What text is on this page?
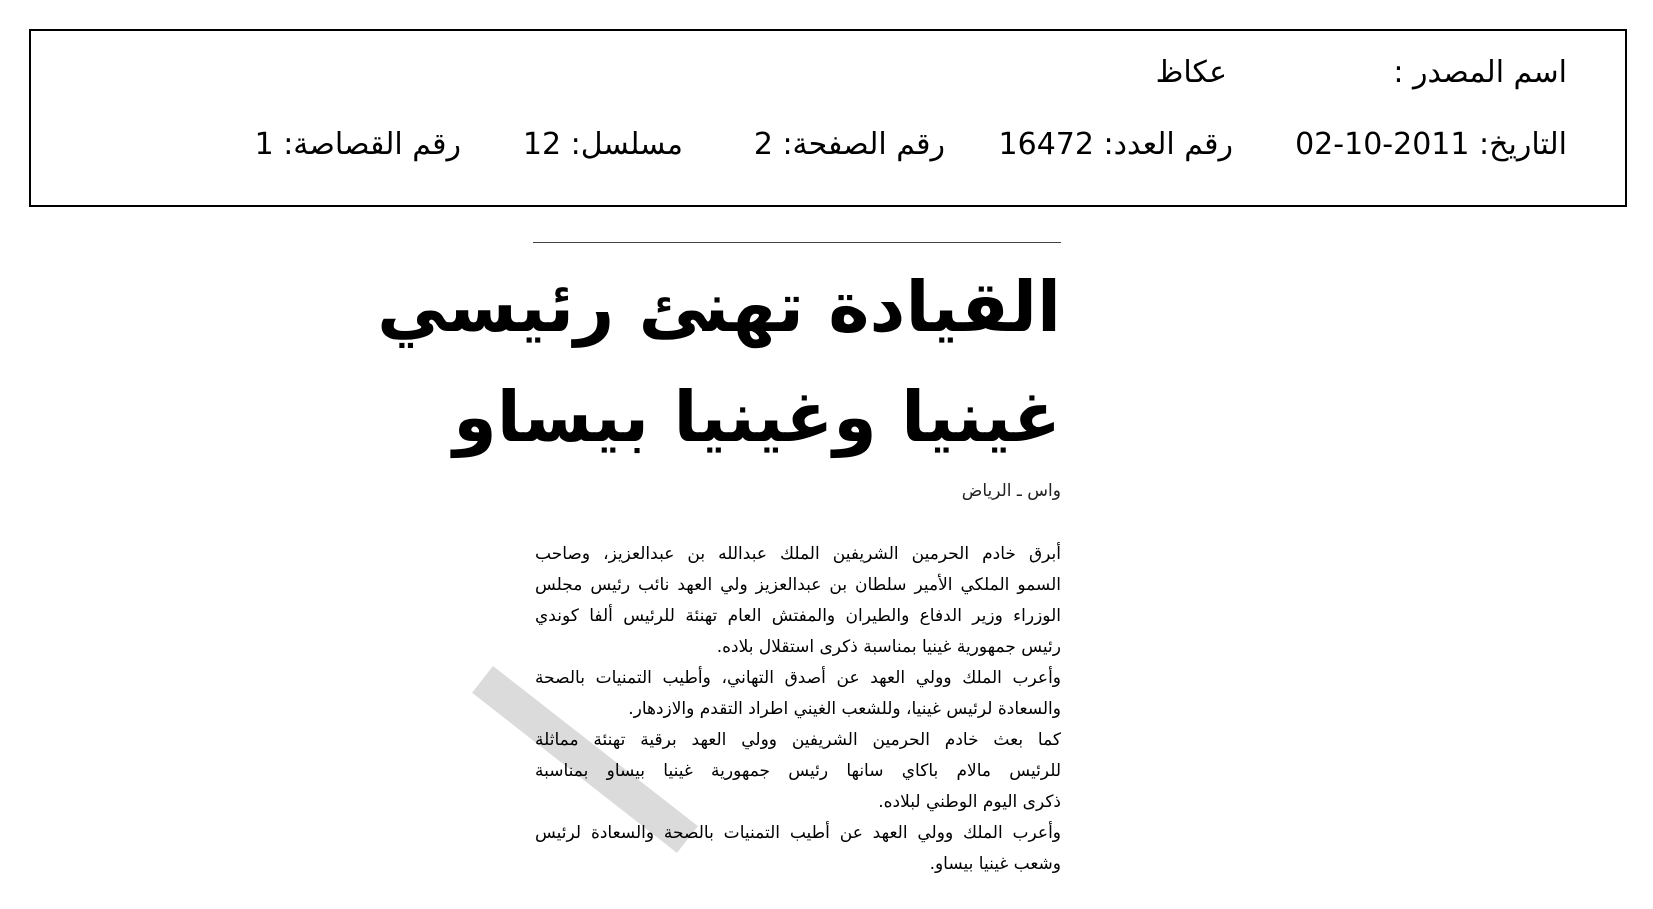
اسم المصدر :
عكاظ
التاريخ: 2011-10-02
رقم العدد: 16472
رقم الصفحة: 2
مسلسل: 12
رقم القصاصة: 1
القيادة تهنئ رئيسي
غينيا وغينيا بيساو
واس ـ الرياض
أبرق خادم الحرمين الشريفين الملك عبدالله بن عبدالعزيز، وصاحب
السمو الملكي الأمير سلطان بن عبدالعزيز ولي العهد نائب رئيس مجلس
الوزراء وزير الدفاع والطيران والمفتش العام تهنئة للرئيس ألفا كوندي
رئيس جمهورية غينيا بمناسبة ذكرى استقلال بلاده.
وأعرب الملك وولي العهد عن أصدق التهاني، وأطيب التمنيات بالصحة
والسعادة لرئيس غينيا، وللشعب الغيني اطراد التقدم والازدهار.
كما بعث خادم الحرمين الشريفين وولي العهد برقية تهنئة مماثلة
للرئيس مالام باكاي سانها رئيس جمهورية غينيا بيساو بمناسبة
ذكرى اليوم الوطني لبلاده.
وأعرب الملك وولي العهد عن أطيب التمنيات بالصحة والسعادة لرئيس
وشعب غينيا بيساو.
